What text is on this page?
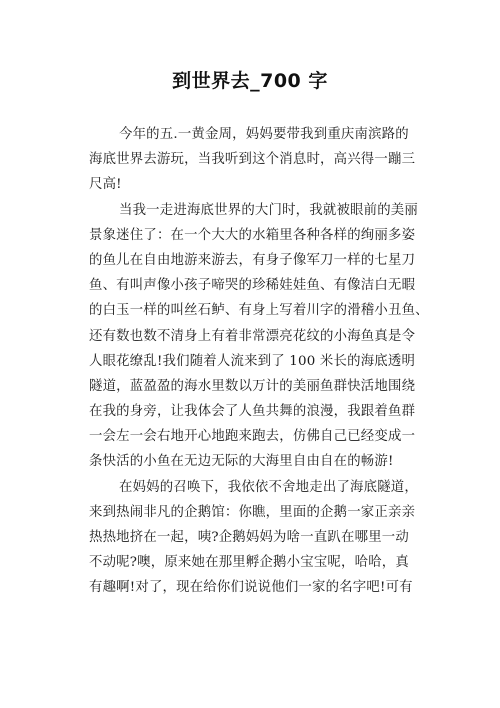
到世界去_700 字
今年的五.一黄金周，妈妈要带我到重庆南滨路的
海底世界去游玩，当我听到这个消息时，高兴得一蹦三
尺高!
当我一走进海底世界的大门时，我就被眼前的美丽
景象迷住了：在一个大大的水箱里各种各样的绚丽多姿
的鱼儿在自由地游来游去，有身子像军刀一样的七星刀
鱼、有叫声像小孩子啼哭的珍稀娃娃鱼、有像洁白无暇
的白玉一样的叫丝石鲈、有身上写着川字的滑稽小丑鱼、
还有数也数不清身上有着非常漂亮花纹的小海鱼真是令
人眼花缭乱!我们随着人流来到了 100 米长的海底透明
隧道，蓝盈盈的海水里数以万计的美丽鱼群快活地围绕
在我的身旁，让我体会了人鱼共舞的浪漫，我跟着鱼群
一会左一会右地开心地跑来跑去，仿佛自己已经变成一
条快活的小鱼在无边无际的大海里自由自在的畅游!
在妈妈的召唤下，我依依不舍地走出了海底隧道，
来到热闹非凡的企鹅馆：你瞧，里面的企鹅一家正亲亲
热热地挤在一起，咦?企鹅妈妈为啥一直趴在哪里一动
不动呢?噢，原来她在那里孵企鹅小宝宝呢，哈哈，真
有趣啊!对了，现在给你们说说他们一家的名字吧!可有
